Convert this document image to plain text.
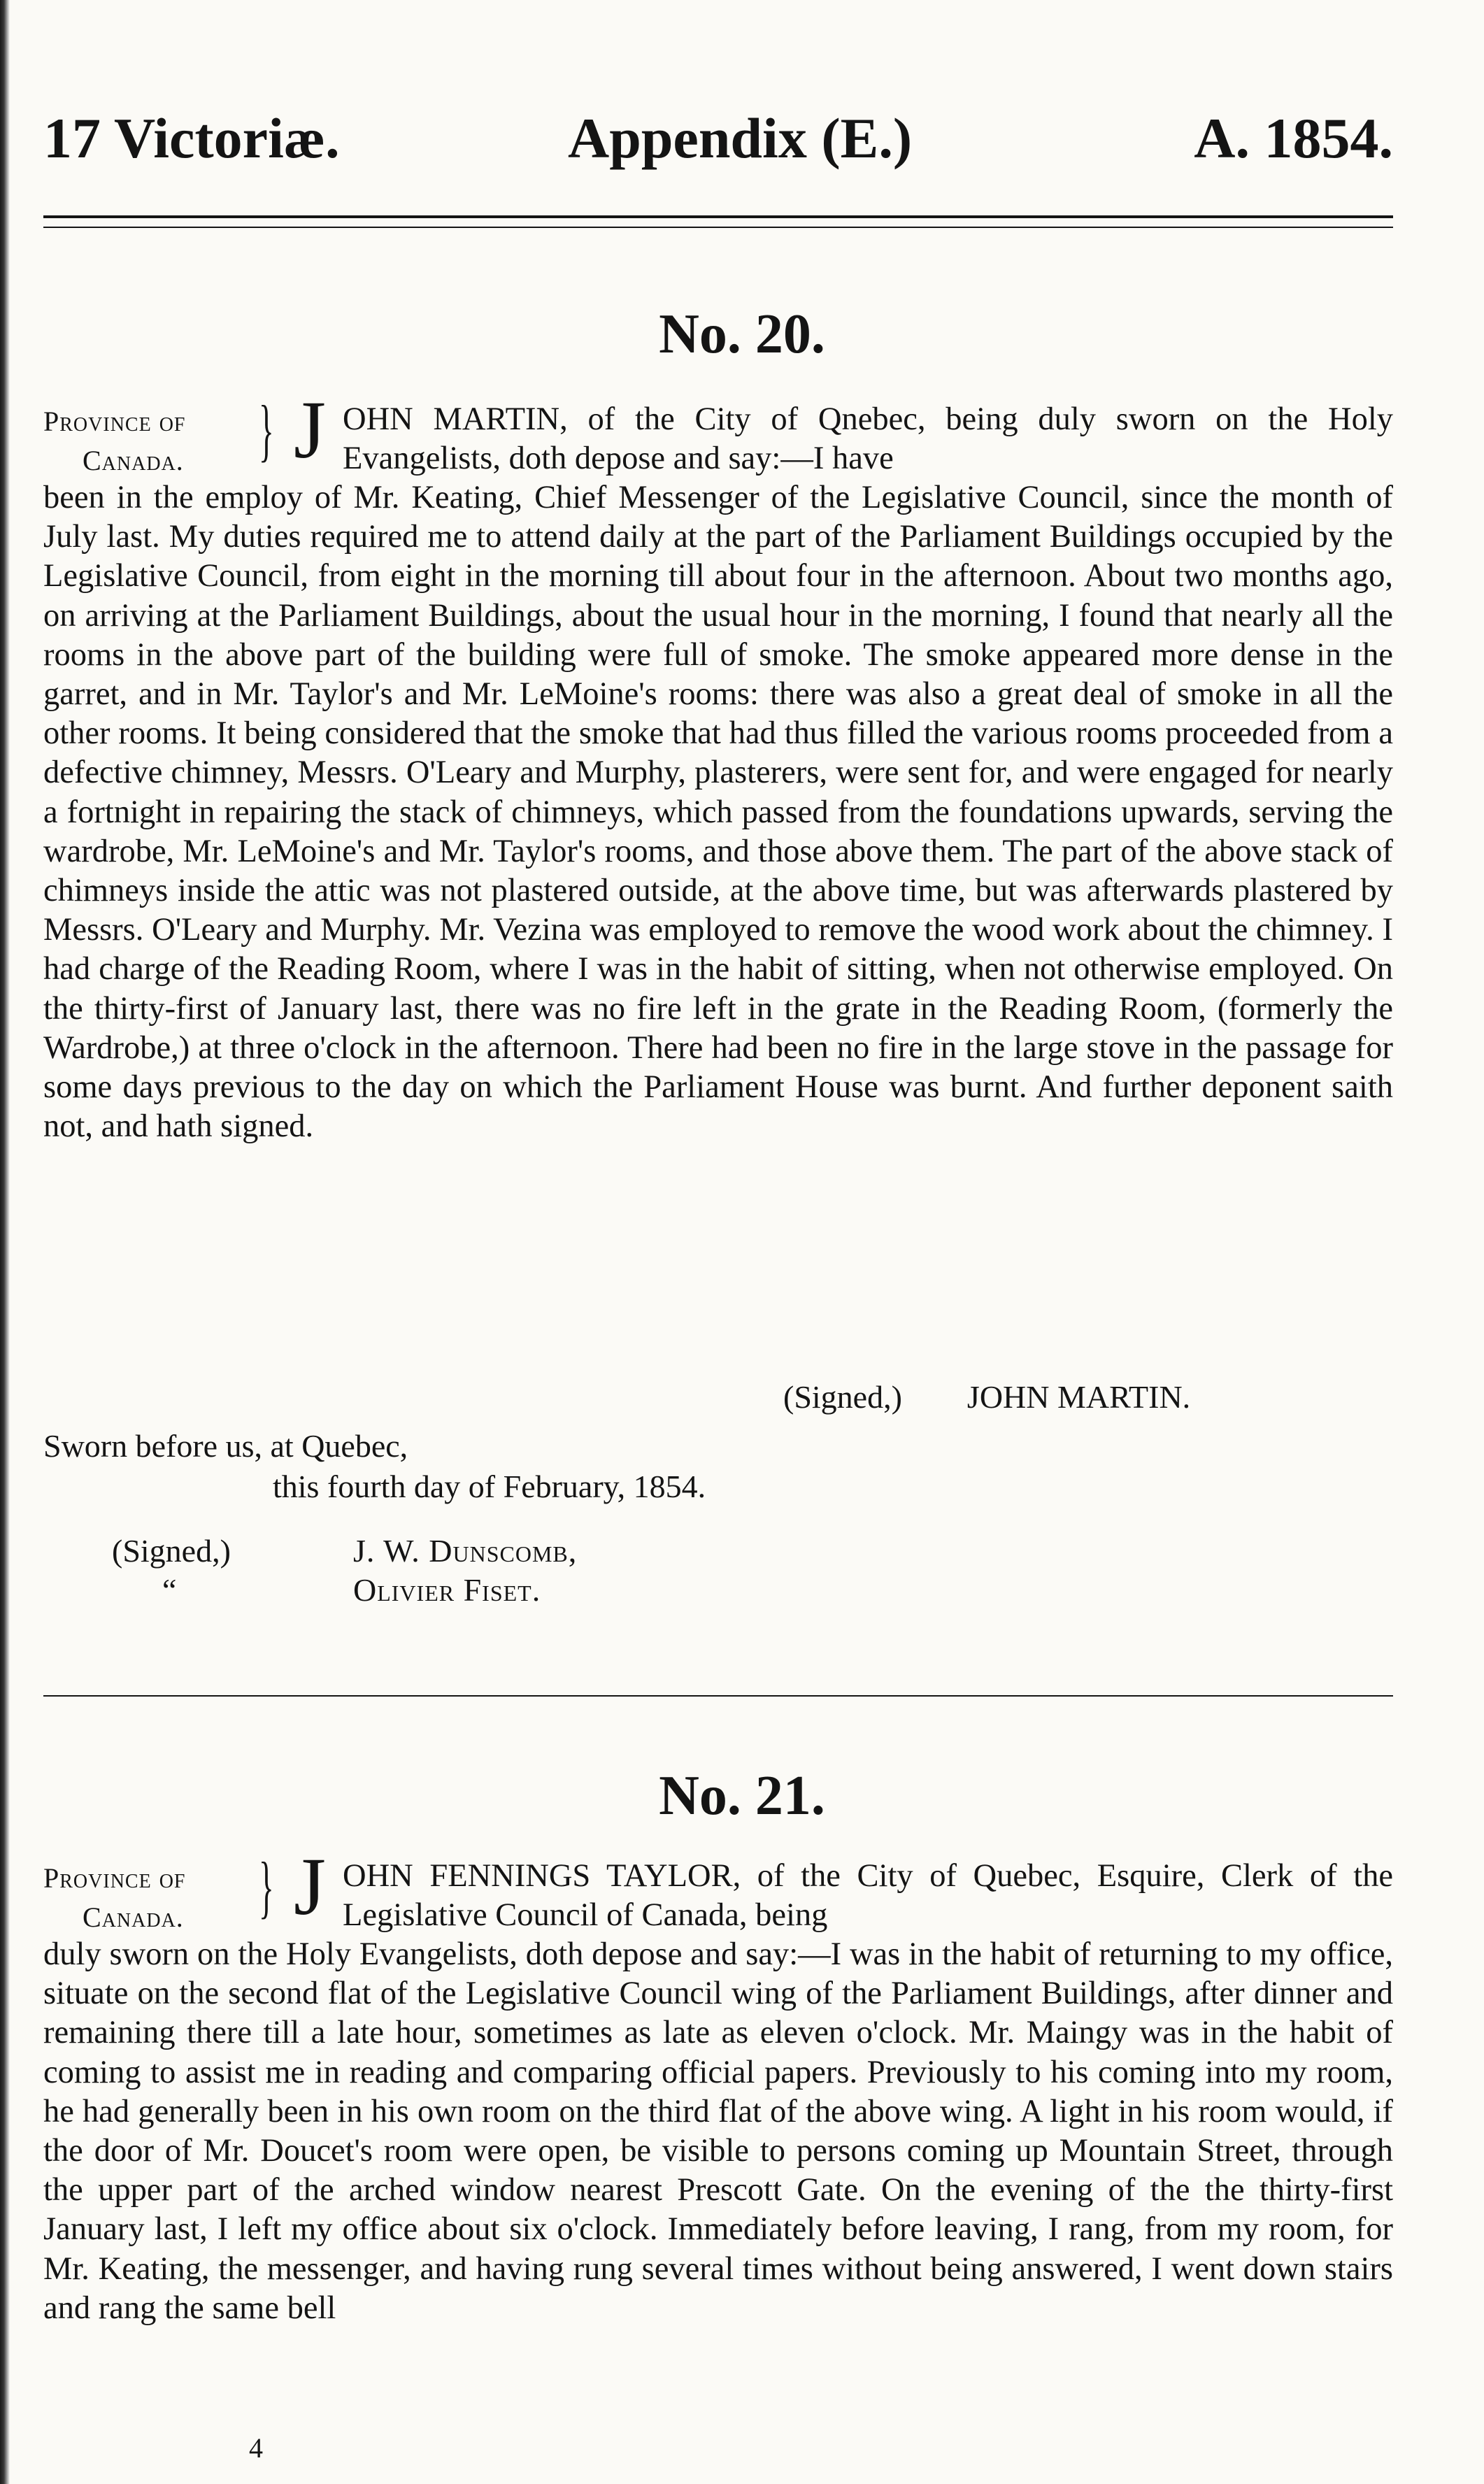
17 Victoriæ.	Appendix (E.)	A. 1854.
No. 20.
Province of
Canada.	} J OHN MARTIN, of the City of Qnebec, being duly sworn on the Holy Evangelists, doth depose and say:—I have
been in the employ of Mr. Keating, Chief Messenger of the Legislative Council, since the month of July last. My duties required me to attend daily at the part of the Parliament Buildings occupied by the Legislative Council, from eight in the morning till about four in the afternoon. About two months ago, on arriving at the Parliament Buildings, about the usual hour in the morning, I found that nearly all the rooms in the above part of the building were full of smoke. The smoke appeared more dense in the garret, and in Mr. Taylor's and Mr. LeMoine's rooms: there was also a great deal of smoke in all the other rooms. It being considered that the smoke that had thus filled the various rooms proceeded from a defective chimney, Messrs. O'Leary and Murphy, plasterers, were sent for, and were engaged for nearly a fortnight in repairing the stack of chimneys, which passed from the foundations upwards, serving the wardrobe, Mr. LeMoine's and Mr. Taylor's rooms, and those above them. The part of the above stack of chimneys inside the attic was not plastered outside, at the above time, but was afterwards plastered by Messrs. O'Leary and Murphy. Mr. Vezina was employed to remove the wood work about the chimney. I had charge of the Reading Room, where I was in the habit of sitting, when not otherwise employed. On the thirty-first of January last, there was no fire left in the grate in the Reading Room, (formerly the Wardrobe,) at three o'clock in the afternoon. There had been no fire in the large stove in the passage for some days previous to the day on which the Parliament House was burnt. And further deponent saith not, and hath signed.
(Signed,) JOHN MARTIN.
Sworn before us, at Quebec,
this fourth day of February, 1854.
(Signed,)	J. W. Dunscomb,
“	Olivier Fiset.
No. 21.
Province of
Canada.	} J OHN FENNINGS TAYLOR, of the City of Quebec, Esquire, Clerk of the Legislative Council of Canada, being
duly sworn on the Holy Evangelists, doth depose and say:—I was in the habit of returning to my office, situate on the second flat of the Legislative Council wing of the Parliament Buildings, after dinner and remaining there till a late hour, sometimes as late as eleven o'clock. Mr. Maingy was in the habit of coming to assist me in reading and comparing official papers. Previously to his coming into my room, he had generally been in his own room on the third flat of the above wing. A light in his room would, if the door of Mr. Doucet's room were open, be visible to persons coming up Mountain Street, through the upper part of the arched window nearest Prescott Gate. On the evening of the the thirty-first January last, I left my office about six o'clock. Immediately before leaving, I rang, from my room, for Mr. Keating, the messenger, and having rung several times without being answered, I went down stairs and rang the same bell
4
